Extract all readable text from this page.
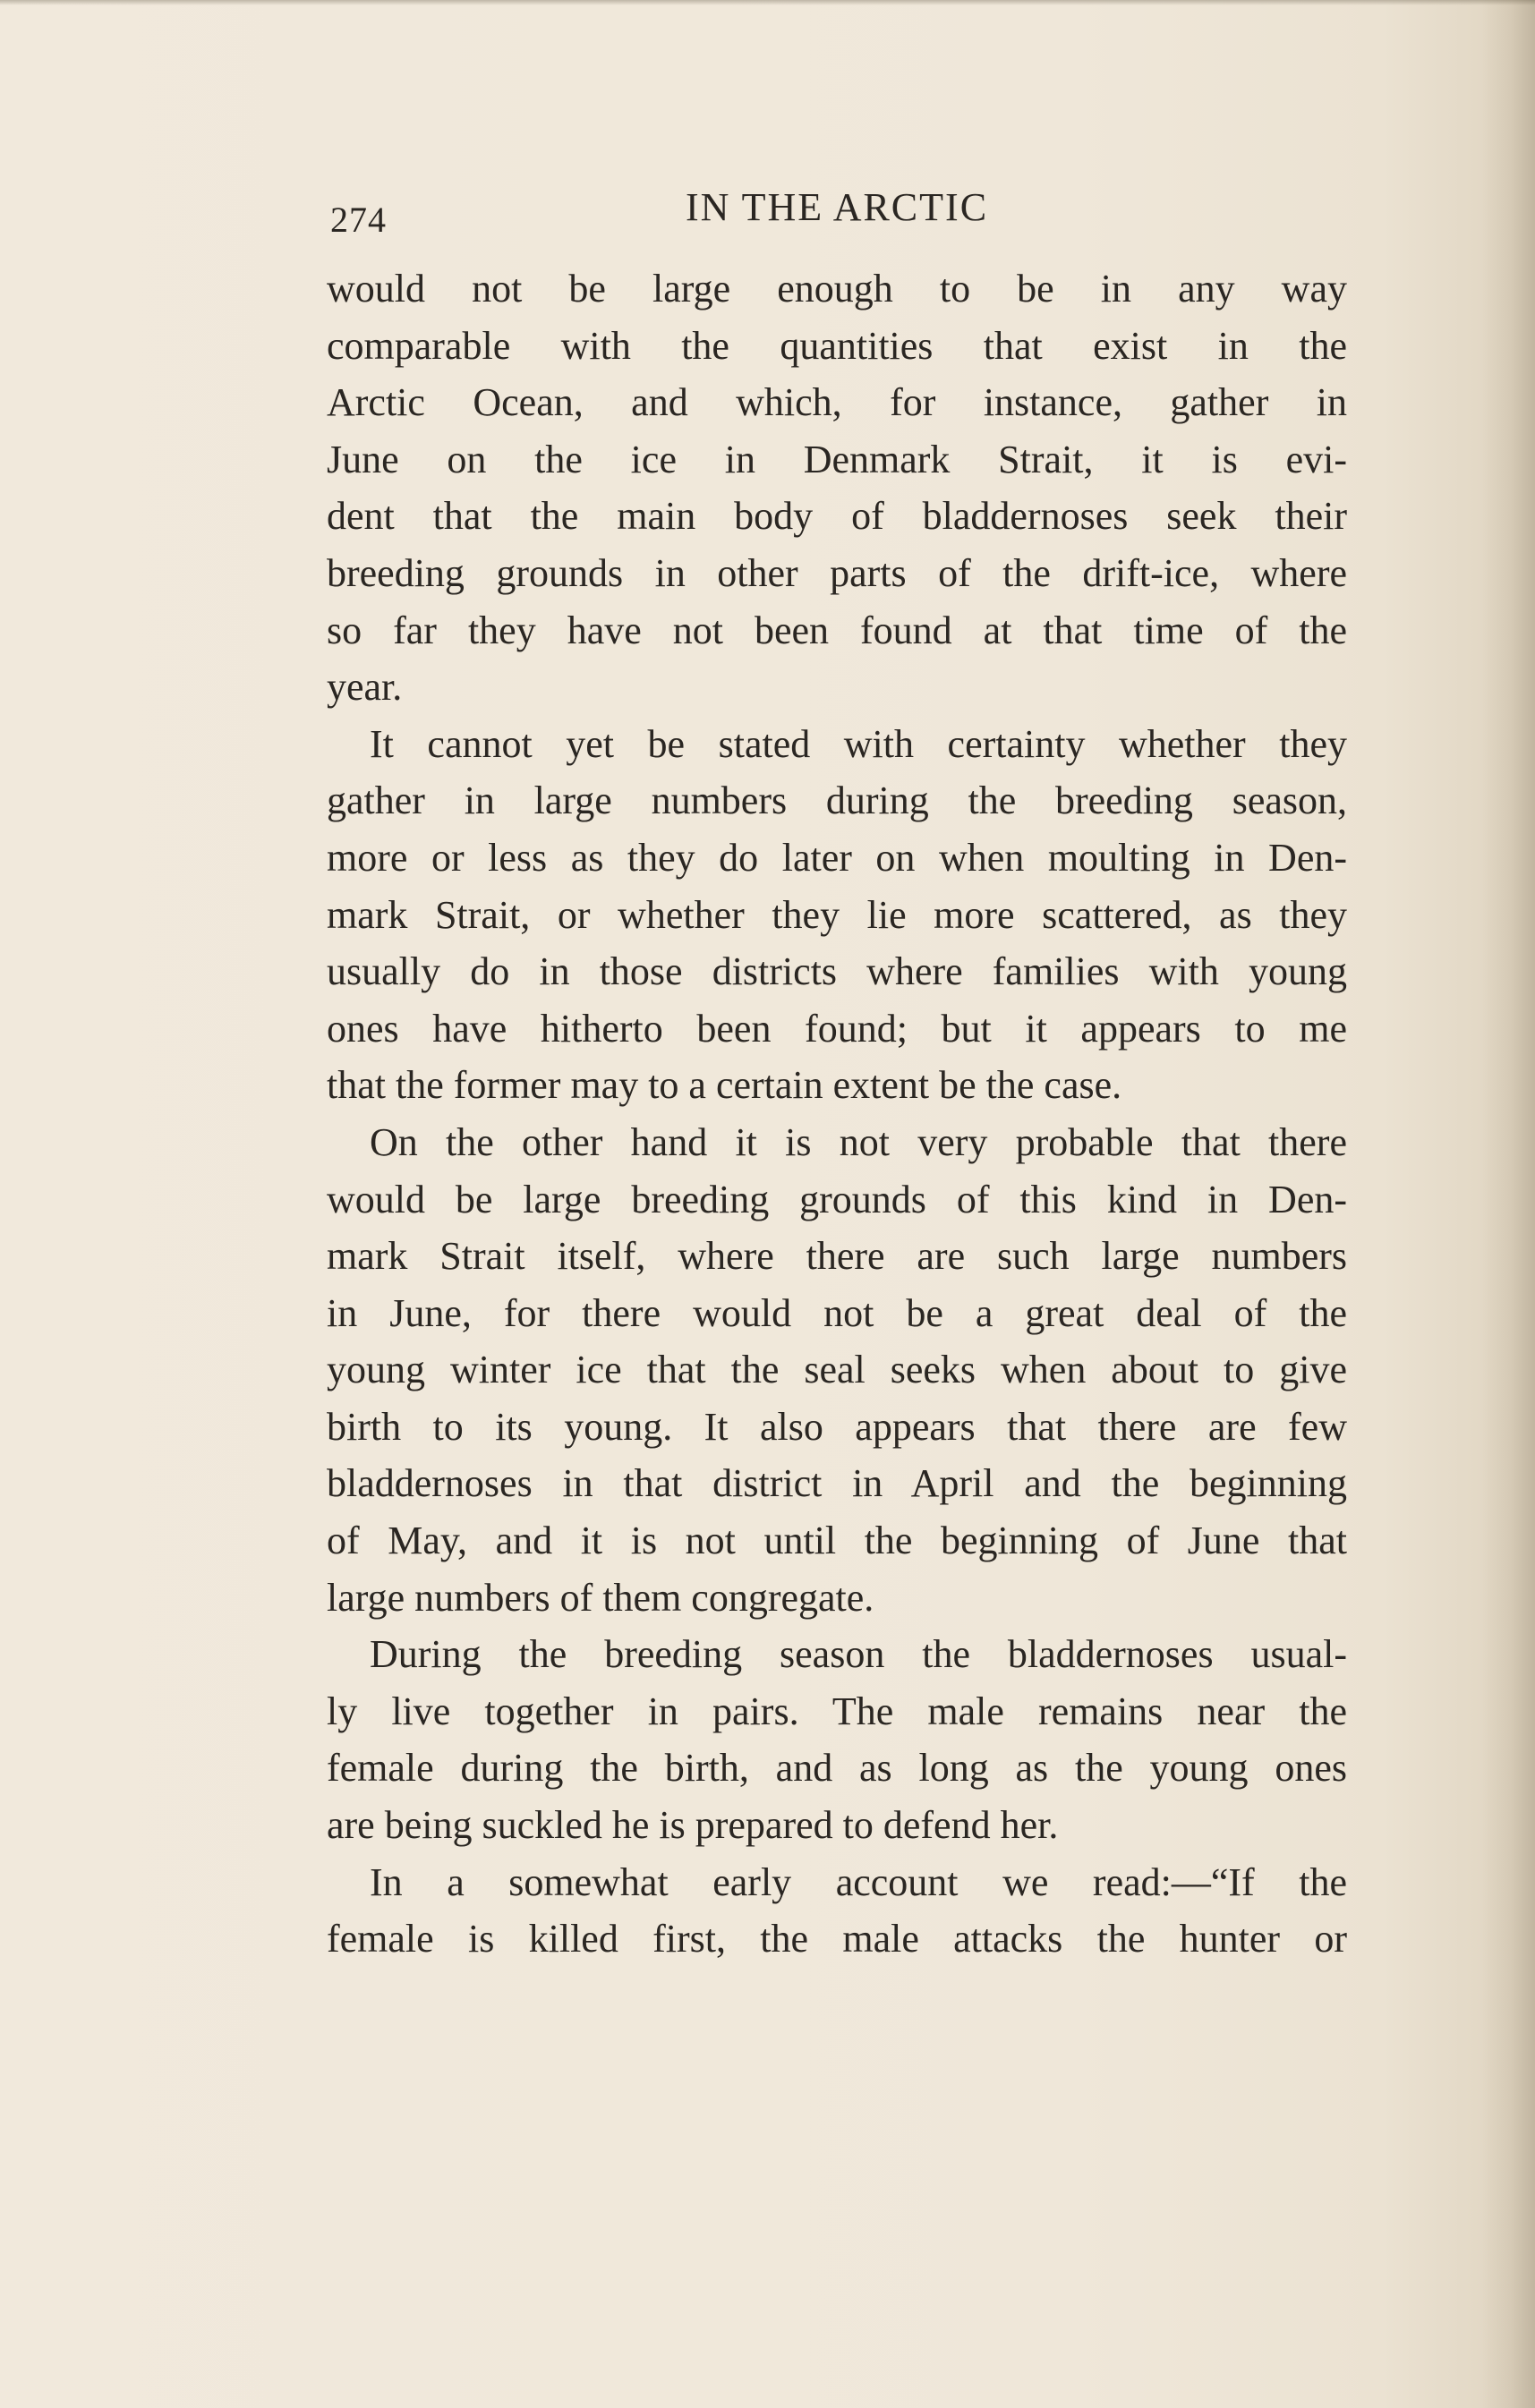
274	IN THE ARCTIC

would not be large enough to be in any way
comparable with the quantities that exist in the
Arctic Ocean, and which, for instance, gather in
June on the ice in Denmark Strait, it is evi-
dent that the main body of bladdernoses seek their
breeding grounds in other parts of the drift-ice, where
so far they have not been found at that time of the
year.

It cannot yet be stated with certainty whether they
gather in large numbers during the breeding season,
more or less as they do later on when moulting in Den-
mark Strait, or whether they lie more scattered, as they
usually do in those districts where families with young
ones have hitherto been found; but it appears to me
that the former may to a certain extent be the case.

On the other hand it is not very probable that there
would be large breeding grounds of this kind in Den-
mark Strait itself, where there are such large numbers
in June, for there would not be a great deal of the
young winter ice that the seal seeks when about to give
birth to its young. It also appears that there are few
bladdernoses in that district in April and the beginning
of May, and it is not until the beginning of June that
large numbers of them congregate.

During the breeding season the bladdernoses usual-
ly live together in pairs. The male remains near the
female during the birth, and as long as the young ones
are being suckled he is prepared to defend her.

In a somewhat early account we read:—“If the
female is killed first, the male attacks the hunter or
